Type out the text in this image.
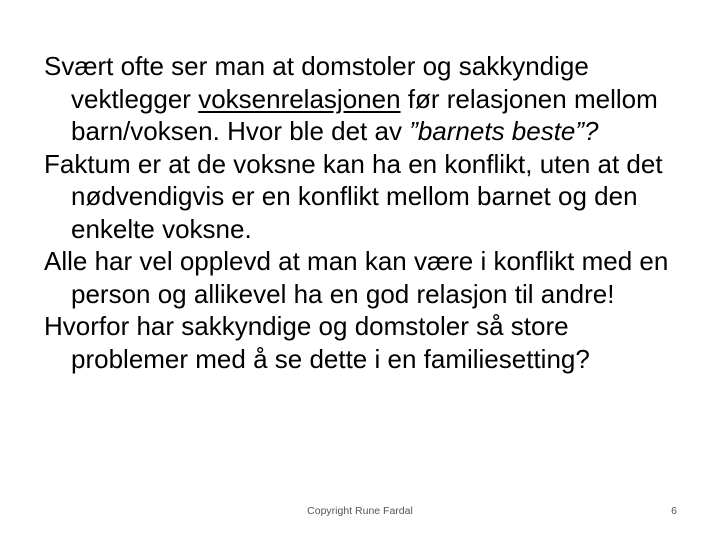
Svært ofte ser man at domstoler og sakkyndige vektlegger voksenrelasjonen før relasjonen mellom barn/voksen. Hvor ble det av ”barnets beste”?

Faktum er at de voksne kan ha en konflikt, uten at det nødvendigvis er en konflikt mellom barnet og den enkelte voksne.

Alle har vel opplevd at man kan være i konflikt med en person og allikevel ha en god relasjon til andre!

Hvorfor har sakkyndige og domstoler så store problemer med å se dette i en familiesetting?

Copyright Rune Fardal	6
